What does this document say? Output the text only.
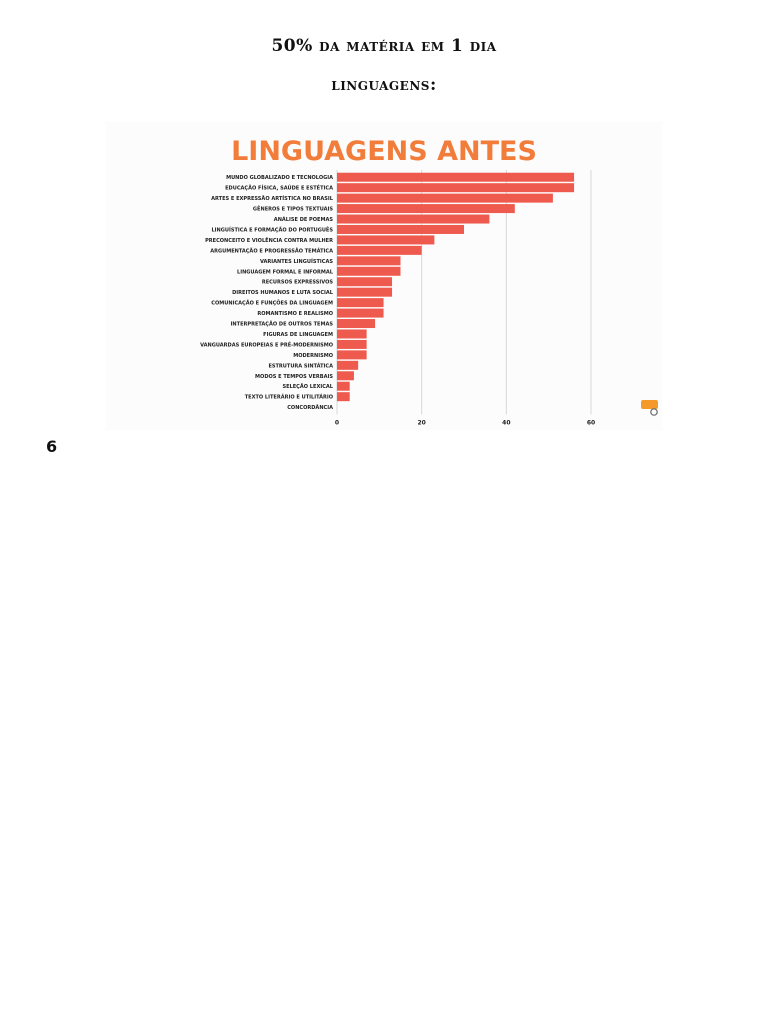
50% da matéria em 1 dia
linguagens:
LINGUAGENS ANTES
MUNDO GLOBALIZADO E TECNOLOGIA
EDUCAÇÃO FÍSICA, SAÚDE E ESTÉTICA
ARTES E EXPRESSÃO ARTÍSTICA NO BRASIL
GÊNEROS E TIPOS TEXTUAIS
ANÁLISE DE POEMAS
LINGUÍSTICA E FORMAÇÃO DO PORTUGUÊS
PRECONCEITO E VIOLÊNCIA CONTRA MULHER
ARGUMENTAÇÃO E PROGRESSÃO TEMÁTICA
VARIANTES LINGUÍSTICAS
LINGUAGEM FORMAL E INFORMAL
RECURSOS EXPRESSIVOS
DIREITOS HUMANOS E LUTA SOCIAL
COMUNICAÇÃO E FUNÇÕES DA LINGUAGEM
ROMANTISMO E REALISMO
INTERPRETAÇÃO DE OUTROS TEMAS
FIGURAS DE LINGUAGEM
VANGUARDAS EUROPEIAS E PRÉ-MODERNISMO
MODERNISMO
ESTRUTURA SINTÁTICA
MODOS E TEMPOS VERBAIS
SELEÇÃO LEXICAL
TEXTO LITERÁRIO E UTILITÁRIO
CONCORDÂNCIA
0	20	40	60
6
